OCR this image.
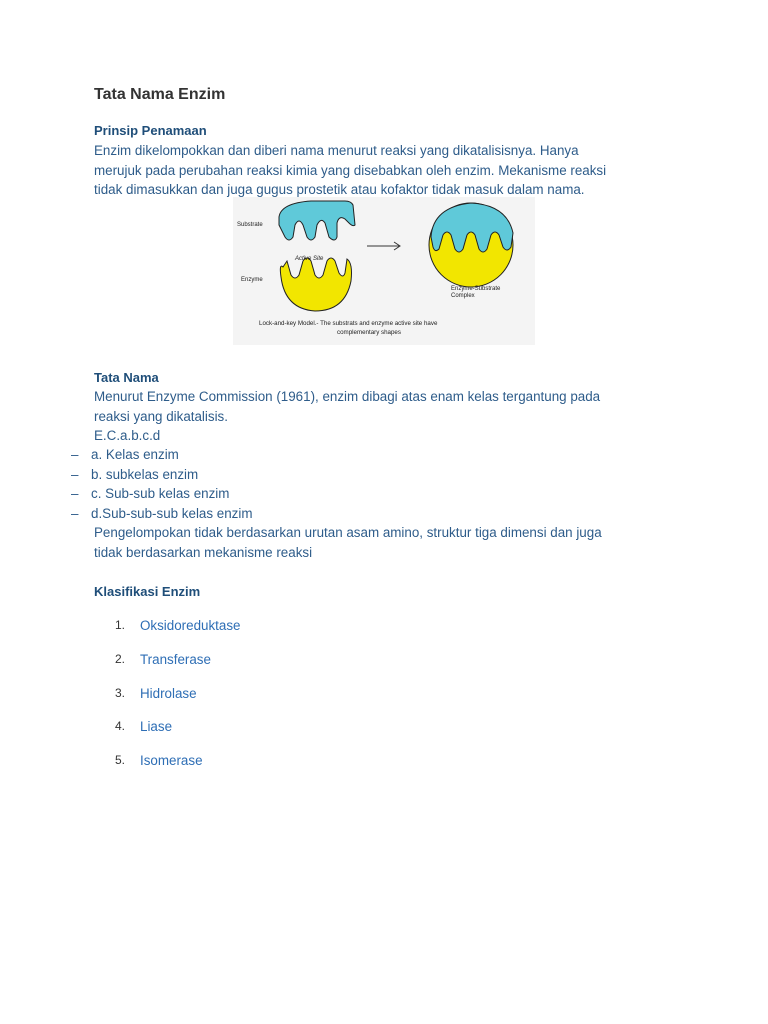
Tata Nama Enzim
Prinsip Penamaan

Enzim dikelompokkan dan diberi nama menurut reaksi yang dikatalisisnya. Hanya
merujuk pada perubahan reaksi kimia yang disebabkan oleh enzim. Mekanisme reaksi
tidak dimasukkan dan juga gugus prostetik atau kofaktor tidak masuk dalam nama.

Substrate
Active Site
Enzyme
Enzyme-Substrate
Complex
Lock-and-key Model.- The substrats and enzyme active site have
complementary shapes
Tata Nama

Menurut Enzyme Commission (1961), enzim dibagi atas enam kelas tergantung pada
reaksi yang dikatalisis.
E.C.a.b.c.d

– a. Kelas enzim
– b. subkelas enzim
– c. Sub-sub kelas enzim
– d.Sub-sub-sub kelas enzim

Pengelompokan tidak berdasarkan urutan asam amino, struktur tiga dimensi dan juga
tidak berdasarkan mekanisme reaksi

Klasifikasi Enzim
1. Oksidoreduktase
2. Transferase
3. Hidrolase
4. Liase
5. Isomerase
